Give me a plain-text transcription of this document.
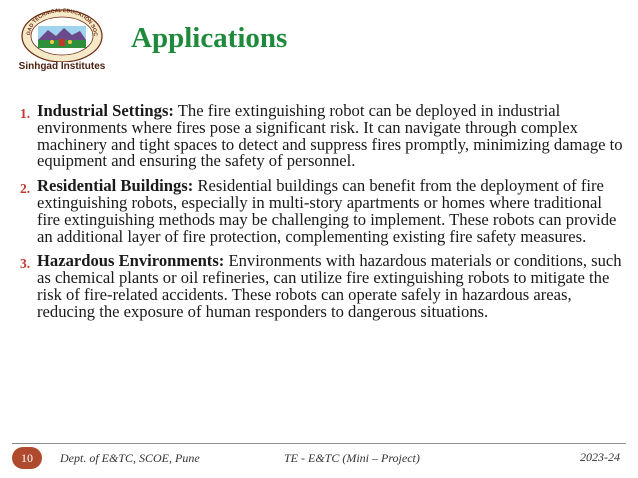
GAD TECHNICAL EDUCATION SOC
Sinhgad Institutes
Applications
1. Industrial Settings: The fire extinguishing robot can be deployed in industrial environments where fires pose a significant risk. It can navigate through complex machinery and tight spaces to detect and suppress fires promptly, minimizing damage to equipment and ensuring the safety of personnel.
2. Residential Buildings: Residential buildings can benefit from the deployment of fire extinguishing robots, especially in multi-story apartments or homes where traditional fire extinguishing methods may be challenging to implement. These robots can provide an additional layer of fire protection, complementing existing fire safety measures.
3. Hazardous Environments: Environments with hazardous materials or conditions, such as chemical plants or oil refineries, can utilize fire extinguishing robots to mitigate the risk of fire-related accidents. These robots can operate safely in hazardous areas, reducing the exposure of human responders to dangerous situations.
10	Dept. of E&TC, SCOE, Pune	TE - E&TC (Mini – Project)	2023-24
